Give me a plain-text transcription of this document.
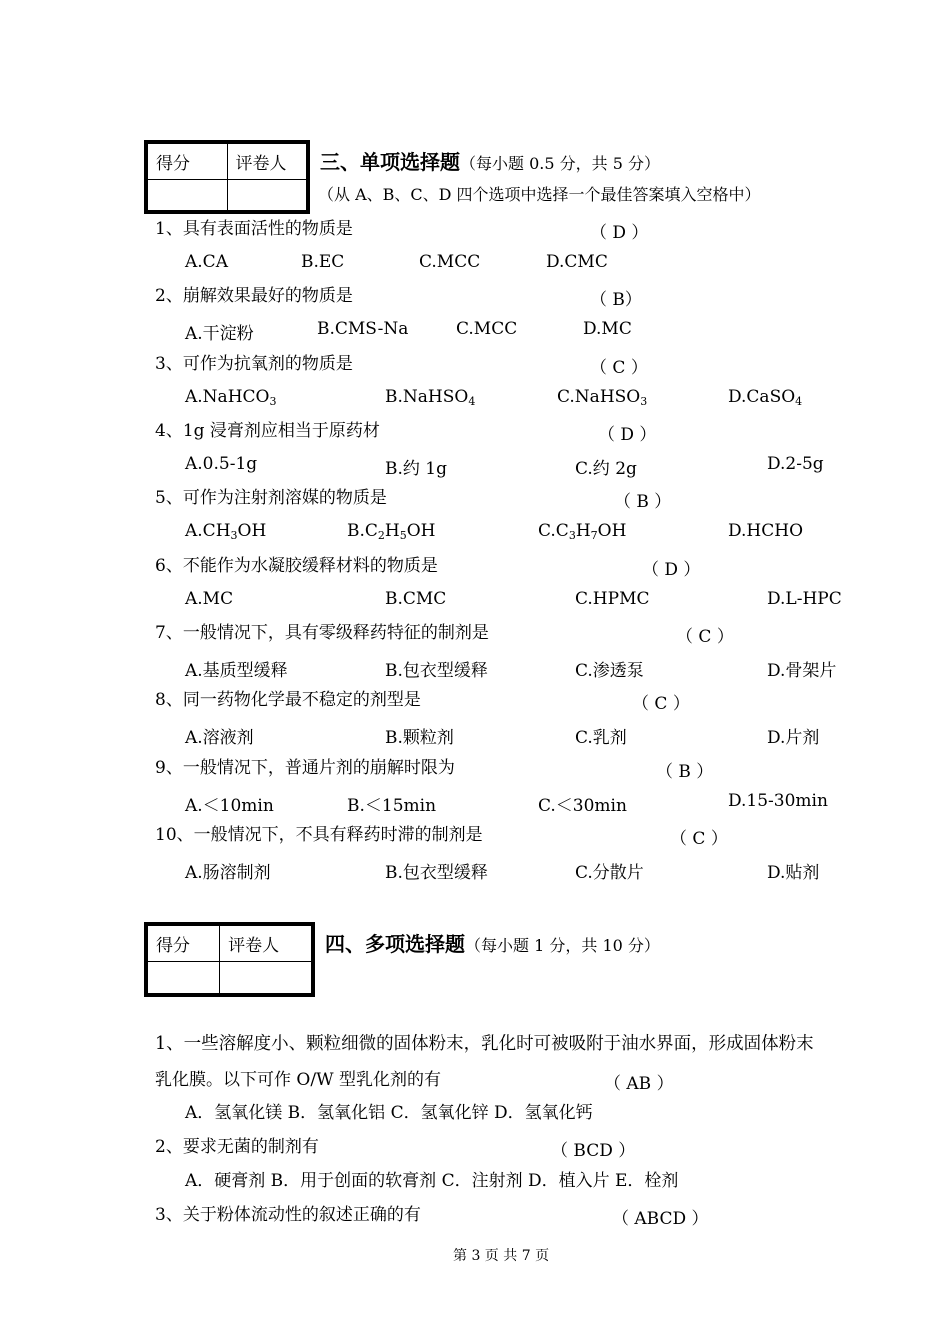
得分	评卷人
	三、单项选择题（每小题 0.5 分，共 5 分）
（从 A、B、C、D 四个选项中选择一个最佳答案填入空格中）
1、具有表面活性的物质是	（ D ）
A.CA	B.EC	C.MCC	D.CMC
2、崩解效果最好的物质是	（ B）
A.干淀粉	B.CMS-Na	C.MCC	D.MC
3、可作为抗氧剂的物质是	（ C ）
A.NaHCO$_3$	B.NaHSO$_4$	C.NaHSO$_3$	D.CaSO$_4$
4、1g 浸膏剂应相当于原药材	（ D ）
A.0.5-1g	B.约 1g	C.约 2g	D.2-5g
5、可作为注射剂溶媒的物质是	（ B ）
$A.CH_3OH$	$B.C_2H_5OH$	$C.C_3H_7OH$	D.HCHO
6、不能作为水凝胶缓释材料的物质是	（ D ）
A.MC	B.CMC	C.HPMC	D.L-HPC
7、一般情况下，具有零级释药特征的制剂是	（ C ）
A.基质型缓释	B.包衣型缓释	C.渗透泵	D.骨架片
8、同一药物化学最不稳定的剂型是	（ C ）
A.溶液剂	B.颗粒剂	C.乳剂	D.片剂
9、一般情况下，普通片剂的崩解时限为	（ B ）
A.＜10min	B.＜15min	C.＜30min	D.15-30min
10、一般情况下，不具有释药时滞的制剂是	（ C ）
A.肠溶制剂	B.包衣型缓释	C.分散片	D.贴剂
得分	评卷人
	四、多项选择题（每小题 1 分，共 10 分）
1、一些溶解度小、颗粒细微的固体粉末，乳化时可被吸附于油水界面，形成固体粉末
乳化膜。以下可作 O/W 型乳化剂的有	（ AB ）
A．氢氧化镁 B．氢氧化铝 C．氢氧化锌 D．氢氧化钙
2、要求无菌的制剂有	（ BCD ）
A．硬膏剂 B．用于创面的软膏剂 C．注射剂 D．植入片 E．栓剂
3、关于粉体流动性的叙述正确的有	（ ABCD ）
第 3 页 共 7 页
